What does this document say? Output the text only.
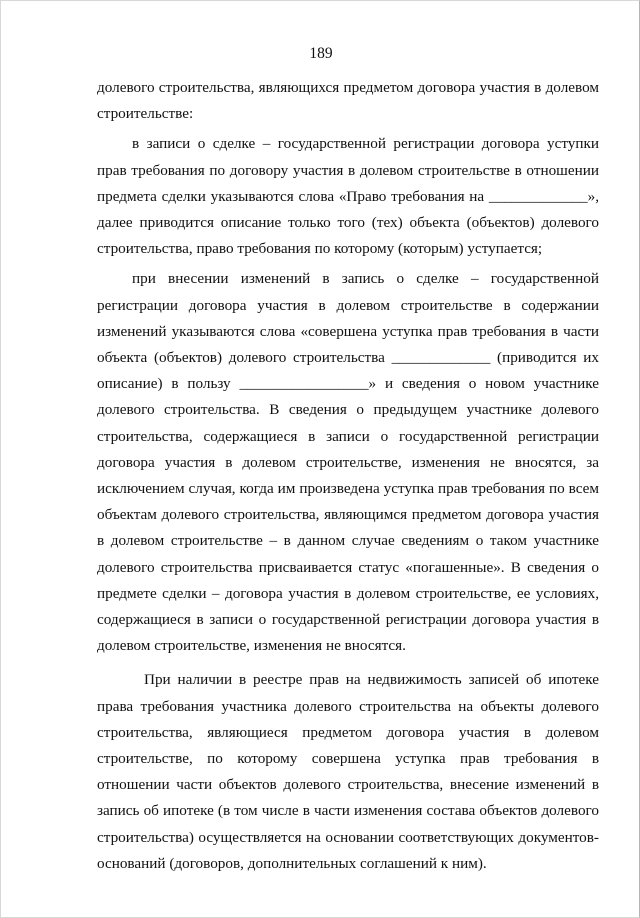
189

долевого строительства, являющихся предметом договора участия в долевом строительстве:

в записи о сделке – государственной регистрации договора уступки прав требования по договору участия в долевом строительстве в отношении предмета сделки указываются слова «Право требования на _____________», далее приводится описание только того (тех) объекта (объектов) долевого строительства, право требования по которому (которым) уступается;

при внесении изменений в запись о сделке – государственной регистрации договора участия в долевом строительстве в содержании изменений указываются слова «совершена уступка прав требования в части объекта (объектов) долевого строительства _____________ (приводится их описание) в пользу _________________» и сведения о новом участнике долевого строительства. В сведения о предыдущем участнике долевого строительства, содержащиеся в записи о государственной регистрации договора участия в долевом строительстве, изменения не вносятся, за исключением случая, когда им произведена уступка прав требования по всем объектам долевого строительства, являющимся предметом договора участия в долевом строительстве – в данном случае сведениям о таком участнике долевого строительства присваивается статус «погашенные». В сведения о предмете сделки – договора участия в долевом строительстве, ее условиях, содержащиеся в записи о государственной регистрации договора участия в долевом строительстве, изменения не вносятся.

При наличии в реестре прав на недвижимость записей об ипотеке права требования участника долевого строительства на объекты долевого строительства, являющиеся предметом договора участия в долевом строительстве, по которому совершена уступка прав требования в отношении части объектов долевого строительства, внесение изменений в запись об ипотеке (в том числе в части изменения состава объектов долевого строительства) осуществляется на основании соответствующих документов-оснований (договоров, дополнительных соглашений к ним).
